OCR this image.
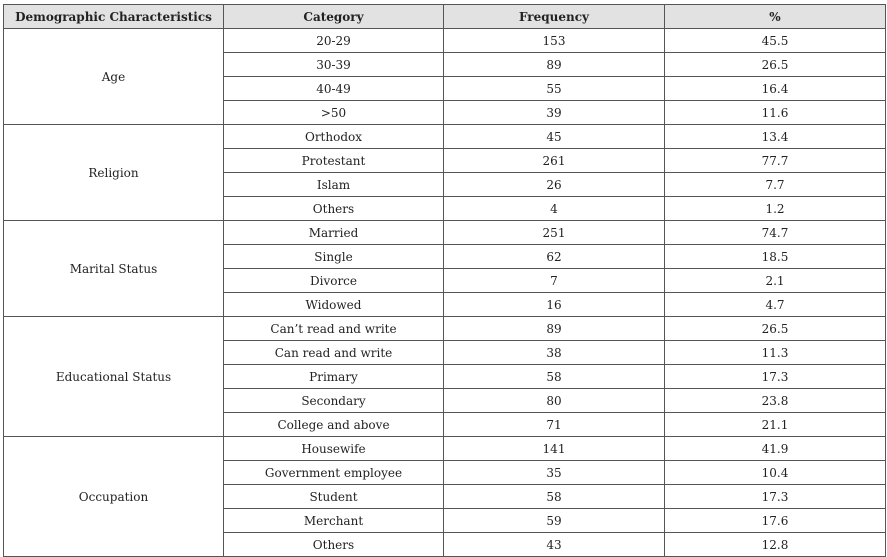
Demographic Characteristics	Category	Frequency	%
Age	20-29	153	45.5
	30-39	89	26.5
	40-49	55	16.4
	>50	39	11.6
Religion	Orthodox	45	13.4
	Protestant	261	77.7
	Islam	26	7.7
	Others	4	1.2
Marital Status	Married	251	74.7
	Single	62	18.5
	Divorce	7	2.1
	Widowed	16	4.7
Educational Status	Can’t read and write	89	26.5
	Can read and write	38	11.3
	Primary	58	17.3
	Secondary	80	23.8
	College and above	71	21.1
Occupation	Housewife	141	41.9
	Government employee	35	10.4
	Student	58	17.3
	Merchant	59	17.6
	Others	43	12.8
